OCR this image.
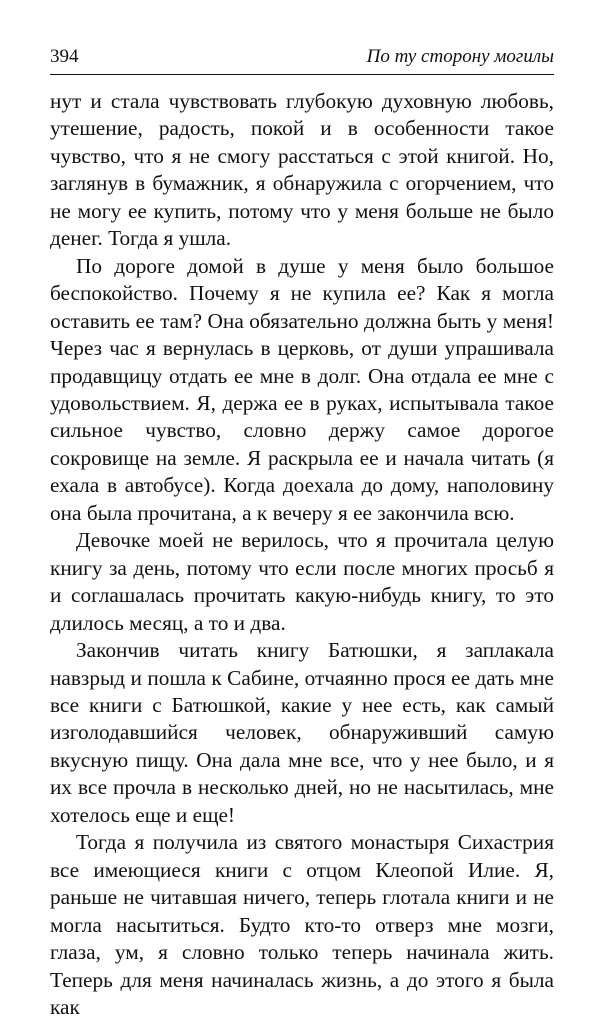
394	По ту сторону могилы

нут и стала чувствовать глубокую духовную любовь, утешение, радость, покой и в особенности такое чувство, что я не смогу расстаться с этой книгой. Но, заглянув в бумажник, я обнаружила с огорчением, что не могу ее купить, потому что у меня больше не было денег. Тогда я ушла.

По дороге домой в душе у меня было большое беспокойство. Почему я не купила ее? Как я могла оставить ее там? Она обязательно должна быть у меня! Через час я вернулась в церковь, от души упрашивала продавщицу отдать ее мне в долг. Она отдала ее мне с удовольствием. Я, держа ее в руках, испытывала такое сильное чувство, словно держу самое дорогое сокровище на земле. Я раскрыла ее и начала читать (я ехала в автобусе). Когда доехала до дому, наполовину она была прочитана, а к вечеру я ее закончила всю.

Девочке моей не верилось, что я прочитала целую книгу за день, потому что если после многих просьб я и соглашалась прочитать какую-нибудь книгу, то это длилось месяц, а то и два.

Закончив читать книгу Батюшки, я заплакала навзрыд и пошла к Сабине, отчаянно прося ее дать мне все книги с Батюшкой, какие у нее есть, как самый изголодавшийся человек, обнаруживший самую вкусную пищу. Она дала мне все, что у нее было, и я их все прочла в несколько дней, но не насытилась, мне хотелось еще и еще!

Тогда я получила из святого монастыря Сихастрия все имеющиеся книги с отцом Клеопой Илие. Я, раньше не читавшая ничего, теперь глотала книги и не могла насытиться. Будто кто-то отверз мне мозги, глаза, ум, я словно только теперь начинала жить. Теперь для меня начиналась жизнь, а до этого я была как
